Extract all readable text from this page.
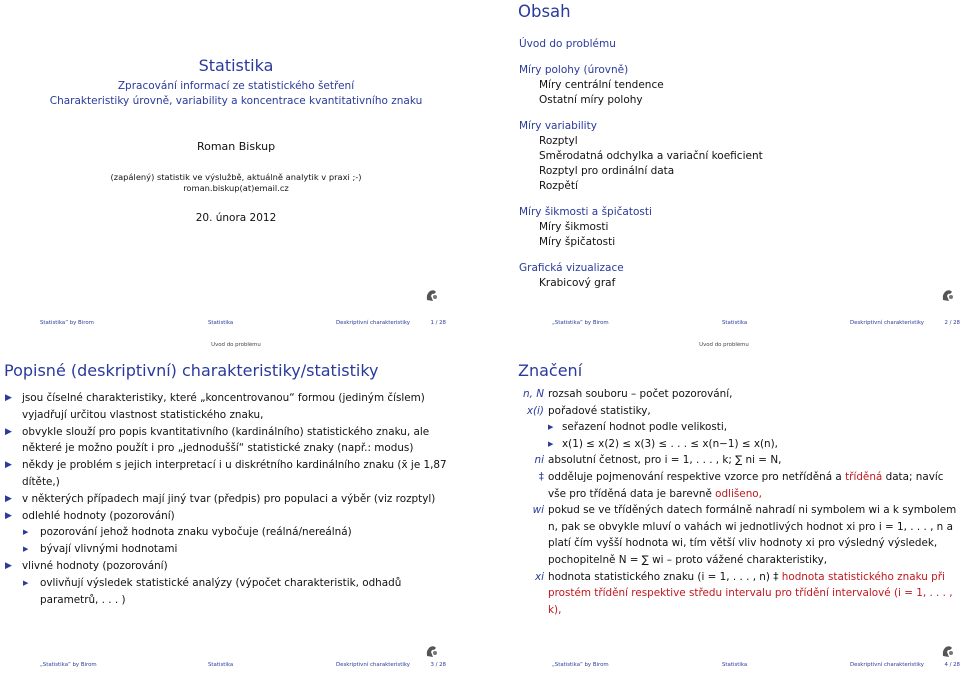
Statistika
Zpracování informací ze statistického šetření
Charakteristiky úrovně, variability a koncentrace kvantitativního znaku
Roman Biskup
(zapálený) statistik ve výslužbě, aktuálně analytik v praxi ;-)
roman.biskup(at)email.cz
20. února 2012
Statistika” by Birom	Statistika	Deskriptivní charakteristiky	1 / 28
Obsah
Úvod do problému
Míry polohy (úrovně)
Míry centrální tendence
Ostatní míry polohy
Míry variability
Rozptyl
Směrodatná odchylka a variační koeficient
Rozptyl pro ordinální data
Rozpětí
Míry šikmosti a špičatosti
Míry šikmosti
Míry špičatosti
Grafická vizualizace
Krabicový graf
„Statistika” by Birom	Statistika	Deskriptivní charakteristiky	2 / 28
Úvod do problému
Popisné (deskriptivní) charakteristiky/statistiky
▶ jsou číselné charakteristiky, které „koncentrovanou“ formou (jediným číslem) vyjadřují určitou vlastnost statistického znaku,
▶ obvykle slouží pro popis kvantitativního (kardinálního) statistického znaku, ale některé je možno použít i pro „jednodušší“ statistické znaky (např.: modus)
▶ někdy je problém s jejich interpretací i u diskrétního kardinálního znaku (x̄ je 1,87 dítěte,)
▶ v některých případech mají jiný tvar (předpis) pro populaci a výběr (viz rozptyl)
▶ odlehlé hodnoty (pozorování)
▶ pozorování jehož hodnota znaku vybočuje (reálná/nereálná)
▶ bývají vlivnými hodnotami
▶ vlivné hodnoty (pozorování)
▶ ovlivňují výsledek statistické analýzy (výpočet charakteristik, odhadů parametrů, . . . )
„Statistika” by Birom	Statistika	Deskriptivní charakteristiky	3 / 28
Úvod do problému
Značení
n, N rozsah souboru – počet pozorování,
x(i) pořadové statistiky,
▶ seřazení hodnot podle velikosti,
▶ x(1) ≤ x(2) ≤ x(3) ≤ . . . ≤ x(n−1) ≤ x(n),
ni absolutní četnost, pro i = 1, . . . , k; ∑ ni = N,
‡ odděluje pojmenování respektive vzorce pro netříděná a tříděná data; navíc vše pro tříděná data je barevně odlišeno,
wi pokud se ve tříděných datech formálně nahradí ni symbolem wi a k symbolem n, pak se obvykle mluví o vahách wi jednotlivých hodnot xi pro i = 1, . . . , n a platí čím vyšší hodnota wi, tím větší vliv hodnoty xi pro výsledný výsledek, pochopitelně N = ∑ wi – proto vážené charakteristiky,
xi hodnota statistického znaku (i = 1, . . . , n) ‡ hodnota statistického znaku při prostém třídění respektive středu intervalu pro třídění intervalové (i = 1, . . . , k),
„Statistika” by Birom	Statistika	Deskriptivní charakteristiky	4 / 28
